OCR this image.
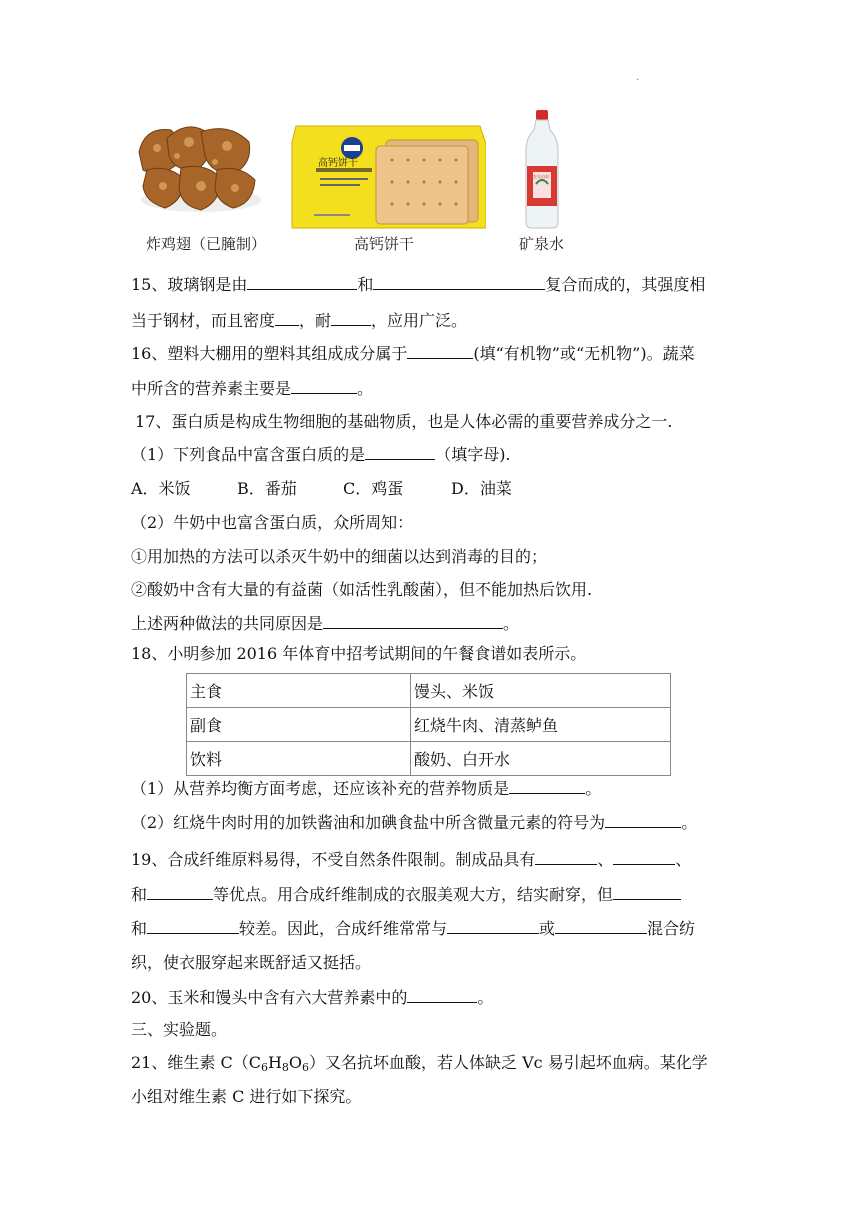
.
炸鸡翅（已腌制）
高钙饼干
高钙饼干
农夫山泉
矿泉水
15、玻璃钢是由	和	复合而成的，其强度相
当于钢材，而且密度 ，耐	，应用广泛。
16、塑料大棚用的塑料其组成成分属于	(填“有机物”或“无机物”)。蔬菜
中所含的营养素主要是	。
17、蛋白质是构成生物细胞的基础物质，也是人体必需的重要营养成分之一.
（1）下列食品中富含蛋白质的是	（填字母).
A．米饭	B．番茄	C．鸡蛋	D．油菜
（2）牛奶中也富含蛋白质，众所周知：
①用加热的方法可以杀灭牛奶中的细菌以达到消毒的目的；
②酸奶中含有大量的有益菌（如活性乳酸菌），但不能加热后饮用.
上述两种做法的共同原因是	。
18、小明参加 2016 年体育中招考试期间的午餐食谱如表所示。
主食	馒头、米饭
副食	红烧牛肉、清蒸鲈鱼
饮料	酸奶、白开水
（1）从营养均衡方面考虑，还应该补充的营养物质是	。
（2）红烧牛肉时用的加铁酱油和加碘食盐中所含微量元素的符号为	。
19、合成纤维原料易得，不受自然条件限制。制成品具有	、	、
和	等优点。用合成纤维制成的衣服美观大方，结实耐穿，但
和	较差。因此，合成纤维常常与	或	混合纺
织，使衣服穿起来既舒适又挺括。
20、玉米和馒头中含有六大营养素中的	。
三、实验题。
21、维生素 $C(C_6H_8O_6)$又名抗坏血酸，若人体缺乏 Vc 易引起坏血病。某化学
小组对维生素 C 进行如下探究。
